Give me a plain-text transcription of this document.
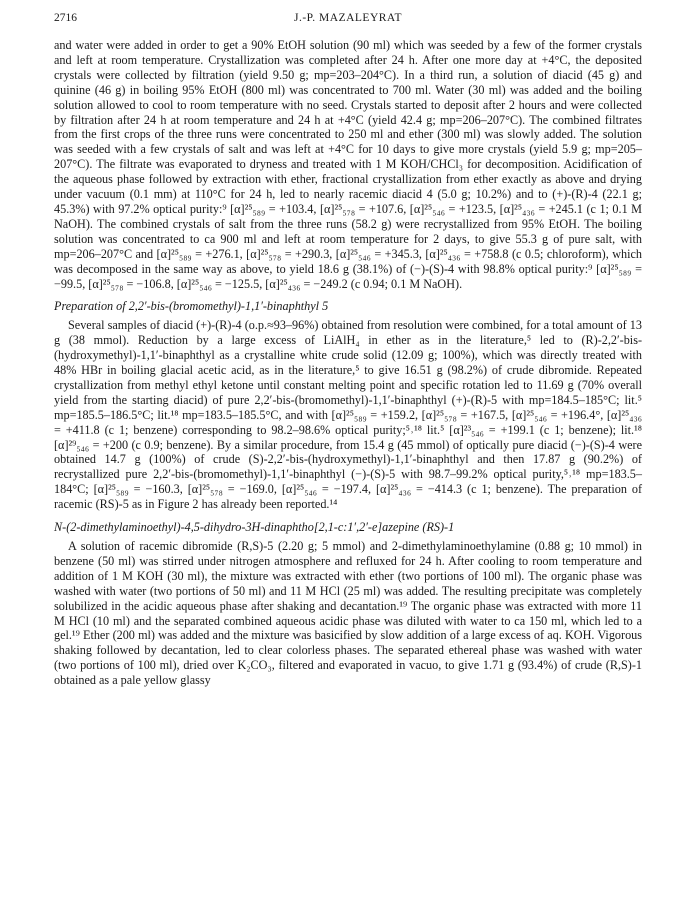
2716	J.-P. MAZALEYRAT

and water were added in order to get a 90% EtOH solution (90 ml) which was seeded by a few of the former crystals and left at room temperature. Crystallization was completed after 24 h. After one more day at +4°C, the deposited crystals were collected by filtration (yield 9.50 g; mp=203–204°C). In a third run, a solution of diacid (45 g) and quinine (46 g) in boiling 95% EtOH (800 ml) was concentrated to 700 ml. Water (30 ml) was added and the boiling solution allowed to cool to room temperature with no seed. Crystals started to deposit after 2 hours and were collected by filtration after 24 h at room temperature and 24 h at +4°C (yield 42.4 g; mp=206–207°C). The combined filtrates from the first crops of the three runs were concentrated to 250 ml and ether (300 ml) was slowly added. The solution was seeded with a few crystals of salt and was left at +4°C for 10 days to give more crystals (yield 5.9 g; mp=205–207°C). The filtrate was evaporated to dryness and treated with 1 M KOH/CHCl₃ for decomposition. Acidification of the aqueous phase followed by extraction with ether, fractional crystallization from ether exactly as above and drying under vacuum (0.1 mm) at 110°C for 24 h, led to nearly racemic diacid 4 (5.0 g; 10.2%) and to (+)-(R)-4 (22.1 g; 45.3%) with 97.2% optical purity:⁹ [α]²⁵₅₈₉ = +103.4, [α]²⁵₅₇₈ = +107.6, [α]²⁵₅₄₆ = +123.5, [α]²⁵₄₃₆ = +245.1 (c 1; 0.1 M NaOH). The combined crystals of salt from the three runs (58.2 g) were recrystallized from 95% EtOH. The boiling solution was concentrated to ca 900 ml and left at room temperature for 2 days, to give 55.3 g of pure salt, with mp=206–207°C and [α]²⁵₅₈₉ = +276.1, [α]²⁵₅₇₈ = +290.3, [α]²⁵₅₄₆ = +345.3, [α]²⁵₄₃₆ = +758.8 (c 0.5; chloroform), which was decomposed in the same way as above, to yield 18.6 g (38.1%) of (−)-(S)-4 with 98.8% optical purity:⁹ [α]²⁵₅₈₉ = −99.5, [α]²⁵₅₇₈ = −106.8, [α]²⁵₅₄₆ = −125.5, [α]²⁵₄₃₆ = −249.2 (c 0.94; 0.1 M NaOH).

Preparation of 2,2′-bis-(bromomethyl)-1,1′-binaphthyl 5

Several samples of diacid (+)-(R)-4 (o.p.≈93–96%) obtained from resolution were combined, for a total amount of 13 g (38 mmol). Reduction by a large excess of LiAlH₄ in ether as in the literature,⁵ led to (R)-2,2′-bis-(hydroxymethyl)-1,1′-binaphthyl as a crystalline white crude solid (12.09 g; 100%), which was directly treated with 48% HBr in boiling glacial acetic acid, as in the literature,⁵ to give 16.51 g (98.2%) of crude dibromide. Repeated crystallization from methyl ethyl ketone until constant melting point and specific rotation led to 11.69 g (70% overall yield from the starting diacid) of pure 2,2′-bis-(bromomethyl)-1,1′-binaphthyl (+)-(R)-5 with mp=184.5–185°C; lit.⁵ mp=185.5–186.5°C; lit.¹⁸ mp=183.5–185.5°C, and with [α]²⁵₅₈₉ = +159.2, [α]²⁵₅₇₈ = +167.5, [α]²⁵₅₄₆ = +196.4°, [α]²⁵₄₃₆ = +411.8 (c 1; benzene) corresponding to 98.2–98.6% optical purity;⁵˒¹⁸ lit.⁵ [α]²³₅₄₆ = +199.1 (c 1; benzene); lit.¹⁸ [α]²⁹₅₄₆ = +200 (c 0.9; benzene). By a similar procedure, from 15.4 g (45 mmol) of optically pure diacid (−)-(S)-4 were obtained 14.7 g (100%) of crude (S)-2,2′-bis-(hydroxymethyl)-1,1′-binaphthyl and then 17.87 g (90.2%) of recrystallized pure 2,2′-bis-(bromomethyl)-1,1′-binaphthyl (−)-(S)-5 with 98.7–99.2% optical purity,⁵˒¹⁸ mp=183.5–184°C; [α]²⁵₅₈₉ = −160.3, [α]²⁵₅₇₈ = −169.0, [α]²⁵₅₄₆ = −197.4, [α]²⁵₄₃₆ = −414.3 (c 1; benzene). The preparation of racemic (RS)-5 as in Figure 2 has already been reported.¹⁴

N-(2-dimethylaminoethyl)-4,5-dihydro-3H-dinaphtho[2,1-c:1′,2′-e]azepine (RS)-1

A solution of racemic dibromide (R,S)-5 (2.20 g; 5 mmol) and 2-dimethylaminoethylamine (0.88 g; 10 mmol) in benzene (50 ml) was stirred under nitrogen atmosphere and refluxed for 24 h. After cooling to room temperature and addition of 1 M KOH (30 ml), the mixture was extracted with ether (two portions of 100 ml). The organic phase was washed with water (two portions of 50 ml) and 11 M HCl (25 ml) was added. The resulting precipitate was completely solubilized in the acidic aqueous phase after shaking and decantation.¹⁹ The organic phase was extracted with more 11 M HCl (10 ml) and the separated combined aqueous acidic phase was diluted with water to ca 150 ml, which led to a gel.¹⁹ Ether (200 ml) was added and the mixture was basicified by slow addition of a large excess of aq. KOH. Vigorous shaking followed by decantation, led to clear colorless phases. The separated ethereal phase was washed with water (two portions of 100 ml), dried over K₂CO₃, filtered and evaporated in vacuo, to give 1.71 g (93.4%) of crude (R,S)-1 obtained as a pale yellow glassy
